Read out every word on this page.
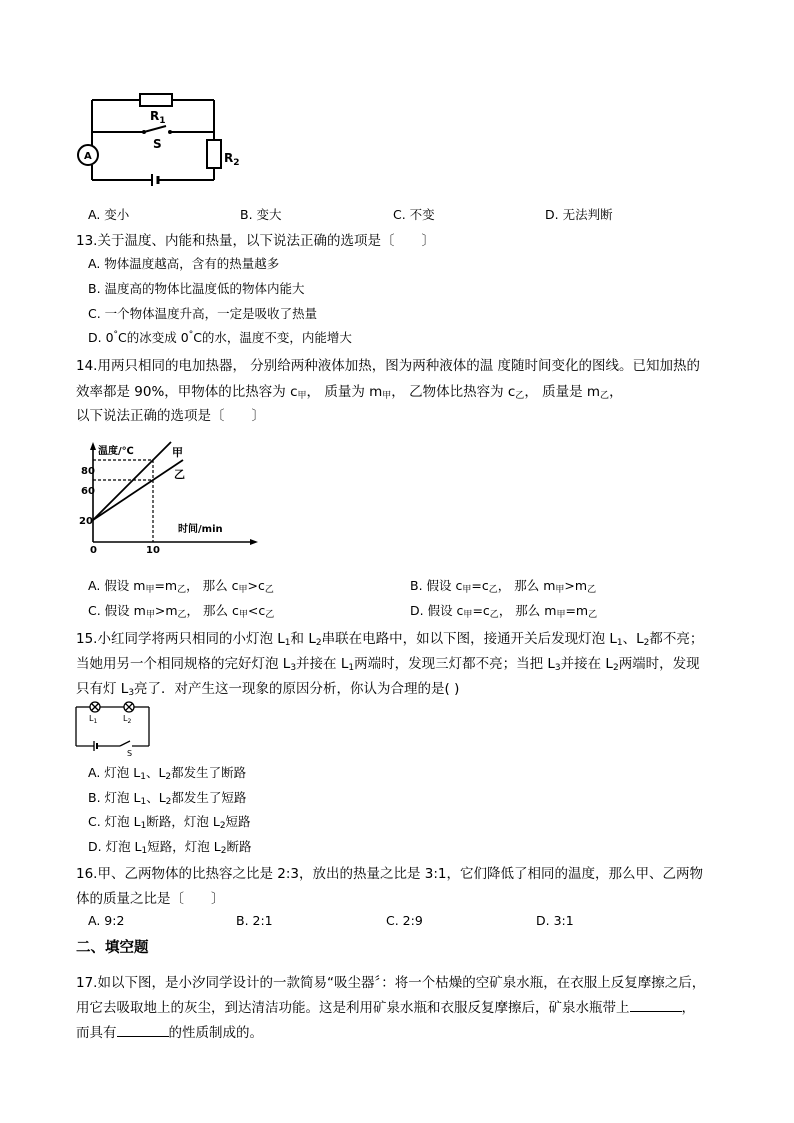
$R_1$
S
$R_2$
A
A. 变小	B. 变大	C. 不变	D. 无法判断
13.关于温度、内能和热量，以下说法正确的选项是〔　　〕
A. 物体温度越高，含有的热量越多
B. 温度高的物体比温度低的物体内能大
C. 一个物体温度升高，一定是吸收了热量
D. 0°C的冰变成 0°C的水，温度不变，内能增大
14.用两只相同的电加热器， 分别给两种液体加热，图为两种液体的温 度随时间变化的图线。已知加热的
效率都是 90%，甲物体的比热容为 $c_甲$， 质量为 $m_甲$， 乙物体比热容为 $c_乙$， 质量是 $m_乙$，
以下说法正确的选项是〔　　〕
温度/℃
时间/min
0	10
20
60
80
甲
乙
A. 假设 $m_甲=m_乙$， 那么 $c_甲>c_乙$	B. 假设 $c_甲=c_乙$， 那么 $m_甲>m_乙$
C. 假设 $m_甲>m_乙$， 那么 $c_甲<c_乙$	D. 假设 $c_甲=c_乙$， 那么 $m_甲=m_乙$
15.小红同学将两只相同的小灯泡 $L_1$和 $L_2$串联在电路中，如以下图，接通开关后发现灯泡 $L_1$、$L_2$都不亮；
当她用另一个相同规格的完好灯泡 $L_3$并接在 $L_1$两端时，发现三灯都不亮；当把 $L_3$并接在 $L_2$两端时，发现
只有灯 $L_3$亮了．对产生这一现象的原因分析，你认为合理的是( )
$L_1$	$L_2$
S
A. 灯泡 $L_1$、$L_2$都发生了断路
B. 灯泡 $L_1$、$L_2$都发生了短路
C. 灯泡 $L_1$断路，灯泡 $L_2$短路
D. 灯泡 $L_1$短路，灯泡 $L_2$断路
16.甲、乙两物体的比热容之比是 2:3，放出的热量之比是 3:1，它们降低了相同的温度，那么甲、乙两物
体的质量之比是〔　　〕
A. 9:2	B. 2:1	C. 2:9	D. 3:1
二、填空题
17.如以下图，是小汐同学设计的一款简易“吸尘器〞：将一个枯燥的空矿泉水瓶，在衣服上反复摩擦之后，
用它去吸取地上的灰尘，到达清洁功能。这是利用矿泉水瓶和衣服反复摩擦后，矿泉水瓶带上	，
而具有	的性质制成的。
